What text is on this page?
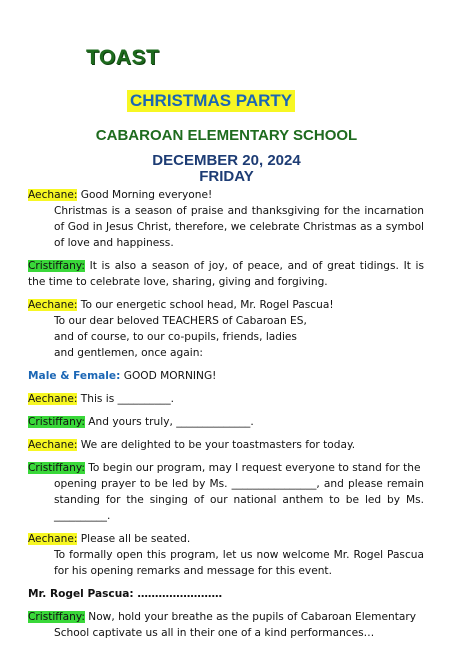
TOAST
CHRISTMAS PARTY
CABAROAN ELEMENTARY SCHOOL
DECEMBER 20, 2024
FRIDAY
Aechane: Good Morning everyone!
Christmas is a season of praise and thanksgiving for the incarnation of God in Jesus Christ, therefore, we celebrate Christmas as a symbol of love and happiness.
Cristiffany: It is also a season of joy, of peace, and of great tidings. It is the time to celebrate love, sharing, giving and forgiving.
Aechane: To our energetic school head, Mr. Rogel Pascua!
To our dear beloved TEACHERS of Cabaroan ES,
and of course, to our co-pupils, friends, ladies
and gentlemen, once again:
Male & Female: GOOD MORNING!
Aechane: This is __________.
Cristiffany: And yours truly, ______________.
Aechane: We are delighted to be your toastmasters for today.
Cristiffany: To begin our program, may I request everyone to stand for the
opening prayer to be led by Ms. ________________, and please remain standing for the singing of our national anthem to be led by Ms. __________.
Aechane: Please all be seated.
To formally open this program, let us now welcome Mr. Rogel Pascua for his opening remarks and message for this event.
Mr. Rogel Pascua: ……………………
Cristiffany: Now, hold your breathe as the pupils of Cabaroan Elementary
School captivate us all in their one of a kind performances…
